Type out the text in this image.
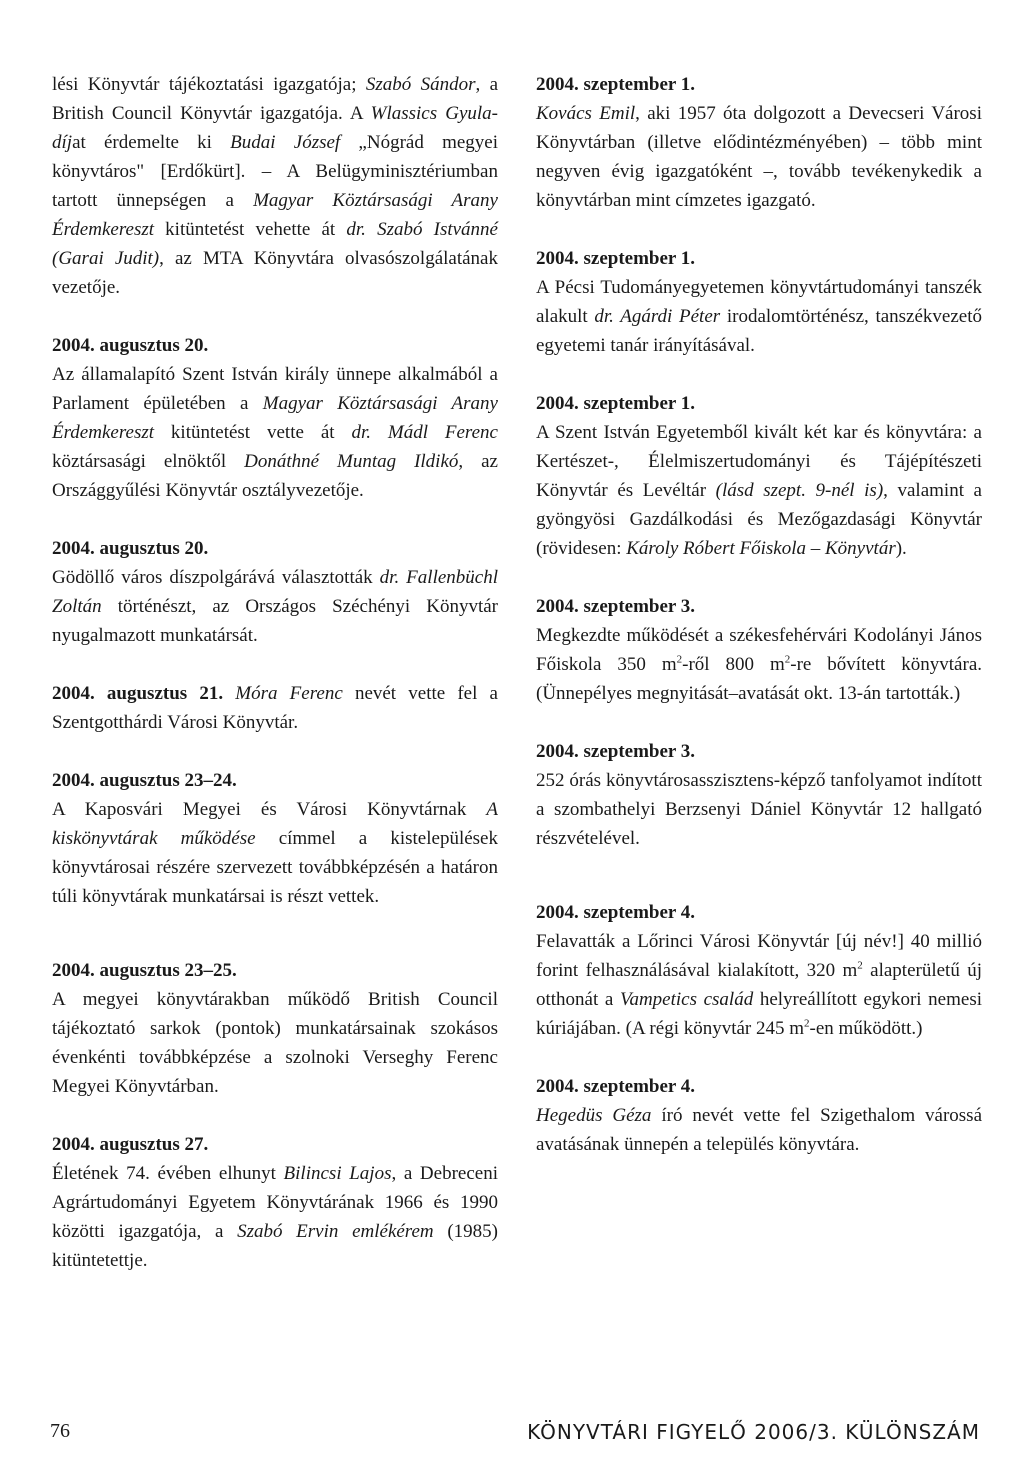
lési Könyvtár tájékoztatási igazgatója; Szabó Sándor, a British Council Könyvtár igazgatója. A Wlassics Gyula-díjat érdemelte ki Budai József „Nógrád megyei könyvtáros" [Erdőkürt]. – A Belügyminisztériumban tartott ünnepségen a Magyar Köztársasági Arany Érdemkereszt kitüntetést vehette át dr. Szabó Istvánné (Garai Judit), az MTA Könyvtára olvasószolgálatának vezetője.

2004. augusztus 20.
Az államalapító Szent István király ünnepe alkalmából a Parlament épületében a Magyar Köztársasági Arany Érdemkereszt kitüntetést vette át dr. Mádl Ferenc köztársasági elnöktől Donáthné Muntag Ildikó, az Országgyűlési Könyvtár osztályvezetője.

2004. augusztus 20.
Gödöllő város díszpolgárává választották dr. Fallenbüchl Zoltán történészt, az Országos Széchényi Könyvtár nyugalmazott munkatársát.

2004. augusztus 21. Móra Ferenc nevét vette fel a Szentgotthárdi Városi Könyvtár.

2004. augusztus 23–24.
A Kaposvári Megyei és Városi Könyvtárnak A kiskönyvtárak működése címmel a kistelepülések könyvtárosai részére szervezett továbbképzésén a határon túli könyvtárak munkatársai is részt vettek.

2004. augusztus 23–25.
A megyei könyvtárakban működő British Council tájékoztató sarkok (pontok) munkatársainak szokásos évenkénti továbbképzése a szolnoki Verseghy Ferenc Megyei Könyvtárban.

2004. augusztus 27.
Életének 74. évében elhunyt Bilincsi Lajos, a Debreceni Agrártudományi Egyetem Könyvtárának 1966 és 1990 közötti igazgatója, a Szabó Ervin emlékérem (1985) kitüntetettje.

2004. szeptember 1.
Kovács Emil, aki 1957 óta dolgozott a Devecseri Városi Könyvtárban (illetve elődintézményében) – több mint negyven évig igazgatóként –, tovább tevékenykedik a könyvtárban mint címzetes igazgató.

2004. szeptember 1.
A Pécsi Tudományegyetemen könyvtártudományi tanszék alakult dr. Agárdi Péter irodalomtörténész, tanszékvezető egyetemi tanár irányításával.

2004. szeptember 1.
A Szent István Egyetemből kivált két kar és könyvtára: a Kertészet-, Élelmiszertudományi és Tájépítészeti Könyvtár és Levéltár (lásd szept. 9-nél is), valamint a gyöngyösi Gazdálkodási és Mezőgazdasági Könyvtár (rövidesen: Károly Róbert Főiskola – Könyvtár).

2004. szeptember 3.
Megkezdte működését a székesfehérvári Kodolányi János Főiskola 350 $m^2$-ről 800 $m^2-re$ bővített könyvtára. (Ünnepélyes megnyitását–avatását okt. 13-án tartották.)

2004. szeptember 3.
252 órás könyvtárosasszisztens-képző tanfolyamot indított a szombathelyi Berzsenyi Dániel Könyvtár 12 hallgató részvételével.

2004. szeptember 4.
Felavatták a Lőrinci Városi Könyvtár [új név!] 40 millió forint felhasználásával kialakított, 320 $m^2$ alapterületű új otthonát a Vampetics család helyreállított egykori nemesi kúriájában. (A régi könyvtár 245 $m^2-en$ működött.)

2004. szeptember 4.
Hegedüs Géza író nevét vette fel Szigethalom várossá avatásának ünnepén a település könyvtára.

76	KÖNYVTÁRI FIGYELŐ 2006/3. KÜLÖNSZÁM
